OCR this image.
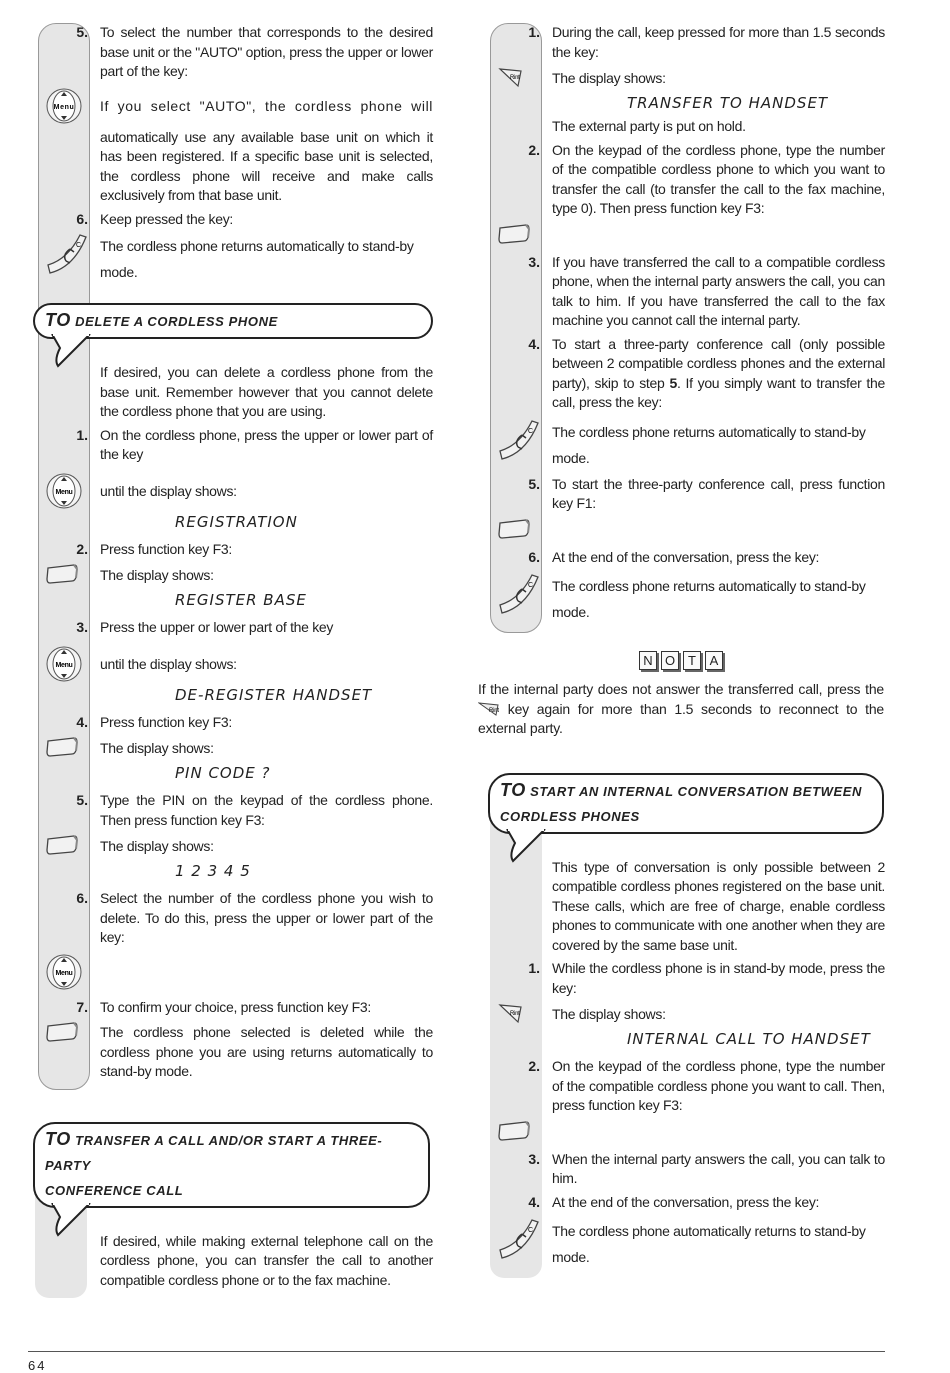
5. To select the number that corresponds to the desired base unit or the "AUTO" option, press the upper or lower part of the key:
Menu If you select "AUTO", the cordless phone will
automatically use any available base unit on which it has been registered. If a specific base unit is selected, the cordless phone will receive and make calls exclusively from that base unit.
6. Keep pressed the key:
C The cordless phone returns automatically to stand-by
mode.
TO DELETE A CORDLESS PHONE
If desired, you can delete a cordless phone from the base unit. Remember however that you cannot delete the cordless phone that you are using.
1. On the cordless phone, press the upper or lower part of the key
Menu until the display shows:
REGISTRATION
2. Press function key F3:
The display shows:
REGISTER BASE
3. Press the upper or lower part of the key
Menu until the display shows:
DE-REGISTER HANDSET
4. Press function key F3:
The display shows:
PIN CODE ?
5. Type the PIN on the keypad of the cordless phone. Then press function key F3:
The display shows:
1 2 3 4 5
6. Select the number of the cordless phone you wish to delete. To do this, press the upper or lower part of the key:
Menu
7. To confirm your choice, press function key F3:
The cordless phone selected is deleted while the cordless phone you are using returns automatically to stand-by mode.
TO TRANSFER A CALL AND/OR START A THREE-PARTY
CONFERENCE CALL
If desired, while making external telephone call on the cordless phone, you can transfer the call to another compatible cordless phone or to the fax machine.
1. During the call, keep pressed for more than 1.5 seconds the key:
Rint The display shows:
TRANSFER TO HANDSET
The external party is put on hold.
2. On the keypad of the cordless phone, type the number of the compatible cordless phone to which you want to transfer the call (to transfer the call to the fax machine, type 0). Then press function key F3:
3. If you have transferred the call to a compatible cordless phone, when the internal party answers the call, you can talk to him. If you have transferred the call to the fax machine you cannot call the internal party.
4. To start a three-party conference call (only possible between 2 compatible cordless phones and the external party), skip to step 5. If you simply want to transfer the call, press the key:
C The cordless phone returns automatically to stand-by
mode.
5. To start the three-party conference call, press function key F1:
6. At the end of the conversation, press the key:
C The cordless phone returns automatically to stand-by
mode.
N O T	A
If the internal party does not answer the transferred call, press the
Rint key again for more than 1.5 seconds to reconnect to the external party.
TO START AN INTERNAL CONVERSATION BETWEEN
CORDLESS PHONES
This type of conversation is only possible between 2 compatible cordless phones registered on the base unit. These calls, which are free of charge, enable cordless phones to communicate with one another when they are covered by the same base unit.
1. While the cordless phone is in stand-by mode, press the key:
Rint The display shows:
INTERNAL CALL TO HANDSET
2. On the keypad of the cordless phone, type the number of the compatible cordless phone you want to call. Then, press function key F3:
3. When the internal party answers the call, you can talk to him.
4. At the end of the conversation, press the key:
C The cordless phone automatically returns to stand-by
mode.
64
